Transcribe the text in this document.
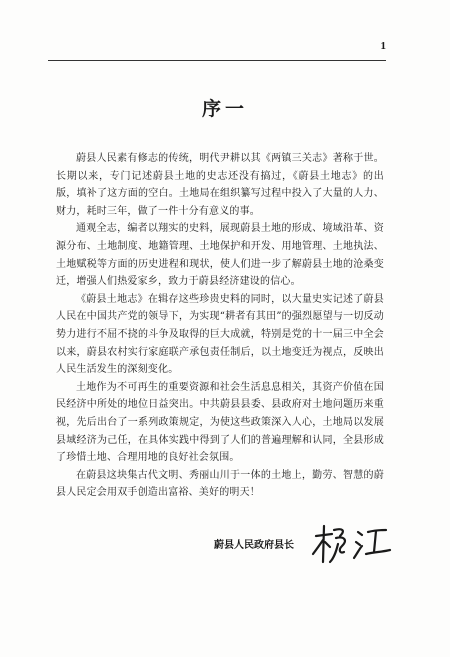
1
序一

蔚县人民素有修志的传统，明代尹耕以其《两镇三关志》著称于世。长期以来，专门记述蔚县土地的史志还没有搞过，《蔚县土地志》的出版，填补了这方面的空白。土地局在组织纂写过程中投入了大量的人力、财力，耗时三年，做了一件十分有意义的事。

通观全志，编者以翔实的史料，展现蔚县土地的形成、境域沿革、资源分布、土地制度、地籍管理、土地保护和开发、用地管理、土地执法、土地赋税等方面的历史进程和现状，使人们进一步了解蔚县土地的沧桑变迁，增强人们热爱家乡，致力于蔚县经济建设的信心。

《蔚县土地志》在辑存这些珍贵史料的同时，以大量史实记述了蔚县人民在中国共产党的领导下，为实现“耕者有其田”的强烈愿望与一切反动势力进行不屈不挠的斗争及取得的巨大成就，特别是党的十一届三中全会以来，蔚县农村实行家庭联产承包责任制后，以土地变迁为视点，反映出人民生活发生的深刻变化。

土地作为不可再生的重要资源和社会生活息息相关，其资产价值在国民经济中所处的地位日益突出。中共蔚县县委、县政府对土地问题历来重视，先后出台了一系列政策规定，为使这些政策深入人心，土地局以发展县域经济为己任，在具体实践中得到了人们的普遍理解和认同，全县形成了珍惜土地、合理用地的良好社会氛围。

在蔚县这块集古代文明、秀丽山川于一体的土地上，勤劳、智慧的蔚县人民定会用双手创造出富裕、美好的明天！

蔚县人民政府县长
